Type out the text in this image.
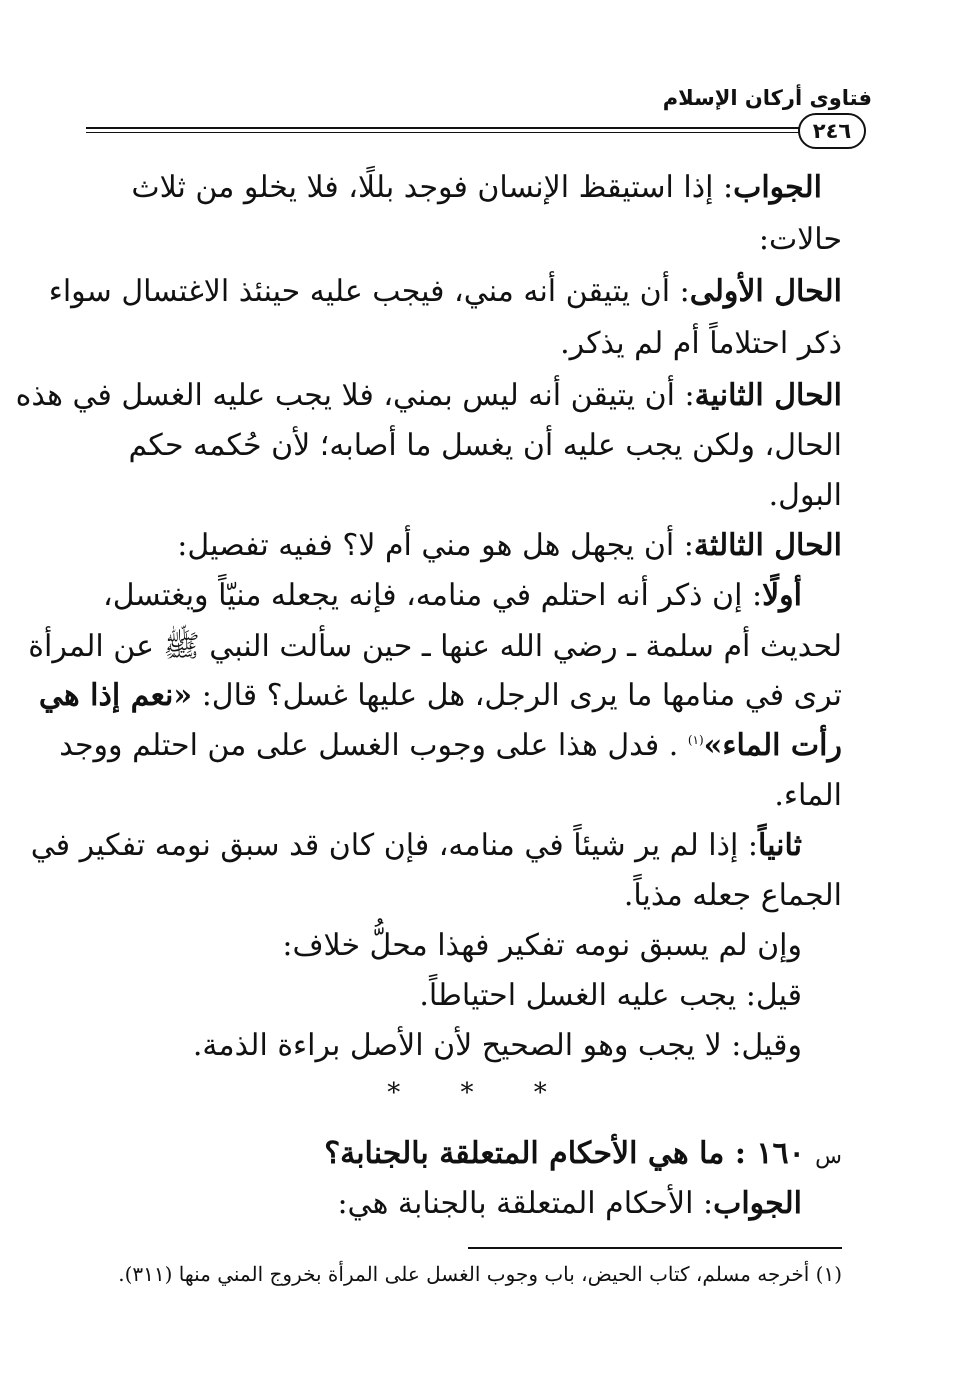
فتاوى أركان الإسلام
٢٤٦
الجواب: إذا استيقظ الإنسان فوجد بللًا، فلا يخلو من ثلاث
حالات:
الحال الأولى: أن يتيقن أنه مني، فيجب عليه حينئذ الاغتسال سواء
ذكر احتلاماً أم لم يذكر.
الحال الثانية: أن يتيقن أنه ليس بمني، فلا يجب عليه الغسل في هذه
الحال، ولكن يجب عليه أن يغسل ما أصابه؛ لأن حُكمه حكم
البول.
الحال الثالثة: أن يجهل هل هو مني أم لا؟ ففيه تفصيل:
أولًا: إن ذكر أنه احتلم في منامه، فإنه يجعله منيّاً ويغتسل،
لحديث أم سلمة ـ رضي الله عنها ـ حين سألت النبي ﷺ عن المرأة
ترى في منامها ما يرى الرجل، هل عليها غسل؟ قال: «نعم إذا هي
رأت الماء»$^{(١)}$ . فدل هذا على وجوب الغسل على من احتلم ووجد
الماء.
ثانياً: إذا لم ير شيئاً في منامه، فإن كان قد سبق نومه تفكير في
الجماع جعله مذياً.
وإن لم يسبق نومه تفكير فهذا محلُّ خلاف:
قيل: يجب عليه الغسل احتياطاً.
وقيل: لا يجب وهو الصحيح لأن الأصل براءة الذمة.
* * *
س ١٦٠ : ما هي الأحكام المتعلقة بالجنابة؟
الجواب: الأحكام المتعلقة بالجنابة هي:
(١) أخرجه مسلم، كتاب الحيض، باب وجوب الغسل على المرأة بخروج المني منها (٣١١).
